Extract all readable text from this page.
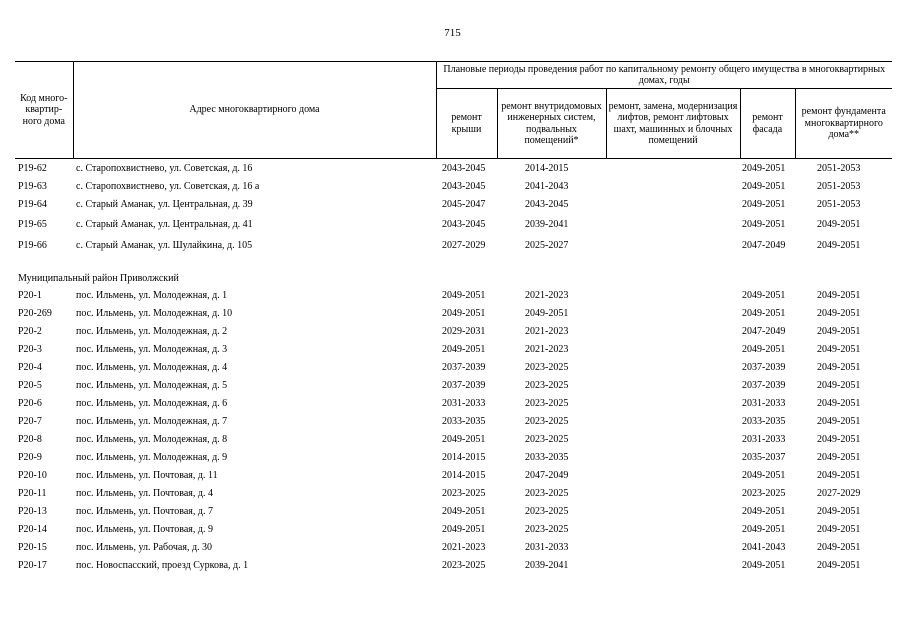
715
Код много-квартир-ного дома	Адрес многоквартирного дома	Плановые периоды проведения работ по капитальному ремонту общего имущества в многоквартирных домах, годы				
		ремонт крыши	ремонт внутридомовых инженерных систем, подвальных помещений*	ремонт, замена, модернизация лифтов, ремонт лифтовых шахт, машинных и блочных помещений	ремонт фасада	ремонт фундамента многоквартирного дома**
Р19-62	с. Старопохвистнево, ул. Советская, д. 16	2043-2045	2014-2015		2049-2051	2051-2053
Р19-63	с. Старопохвистнево, ул. Советская, д. 16 а	2043-2045	2041-2043		2049-2051	2051-2053
Р19-64	с. Старый Аманак, ул. Центральная, д. 39	2045-2047	2043-2045		2049-2051	2051-2053
Р19-65	с. Старый Аманак, ул. Центральная, д. 41	2043-2045	2039-2041		2049-2051	2049-2051
Р19-66	с. Старый Аманак, ул. Шулайкина, д. 105	2027-2029	2025-2027		2047-2049	2049-2051
Муниципальный район Приволжский						
Р20-1	пос. Ильмень, ул. Молодежная, д. 1	2049-2051	2021-2023		2049-2051	2049-2051
Р20-269	пос. Ильмень, ул. Молодежная, д. 10	2049-2051	2049-2051		2049-2051	2049-2051
Р20-2	пос. Ильмень, ул. Молодежная, д. 2	2029-2031	2021-2023		2047-2049	2049-2051
Р20-3	пос. Ильмень, ул. Молодежная, д. 3	2049-2051	2021-2023		2049-2051	2049-2051
Р20-4	пос. Ильмень, ул. Молодежная, д. 4	2037-2039	2023-2025		2037-2039	2049-2051
Р20-5	пос. Ильмень, ул. Молодежная, д. 5	2037-2039	2023-2025		2037-2039	2049-2051
Р20-6	пос. Ильмень, ул. Молодежная, д. 6	2031-2033	2023-2025		2031-2033	2049-2051
Р20-7	пос. Ильмень, ул. Молодежная, д. 7	2033-2035	2023-2025		2033-2035	2049-2051
Р20-8	пос. Ильмень, ул. Молодежная, д. 8	2049-2051	2023-2025		2031-2033	2049-2051
Р20-9	пос. Ильмень, ул. Молодежная, д. 9	2014-2015	2033-2035		2035-2037	2049-2051
Р20-10	пос. Ильмень, ул. Почтовая, д. 11	2014-2015	2047-2049		2049-2051	2049-2051
Р20-11	пос. Ильмень, ул. Почтовая, д. 4	2023-2025	2023-2025		2023-2025	2027-2029
Р20-13	пос. Ильмень, ул. Почтовая, д. 7	2049-2051	2023-2025		2049-2051	2049-2051
Р20-14	пос. Ильмень, ул. Почтовая, д. 9	2049-2051	2023-2025		2049-2051	2049-2051
Р20-15	пос. Ильмень, ул. Рабочая, д. 30	2021-2023	2031-2033		2041-2043	2049-2051
Р20-17	пос. Новоспасский, проезд Суркова, д. 1	2023-2025	2039-2041		2049-2051	2049-2051
